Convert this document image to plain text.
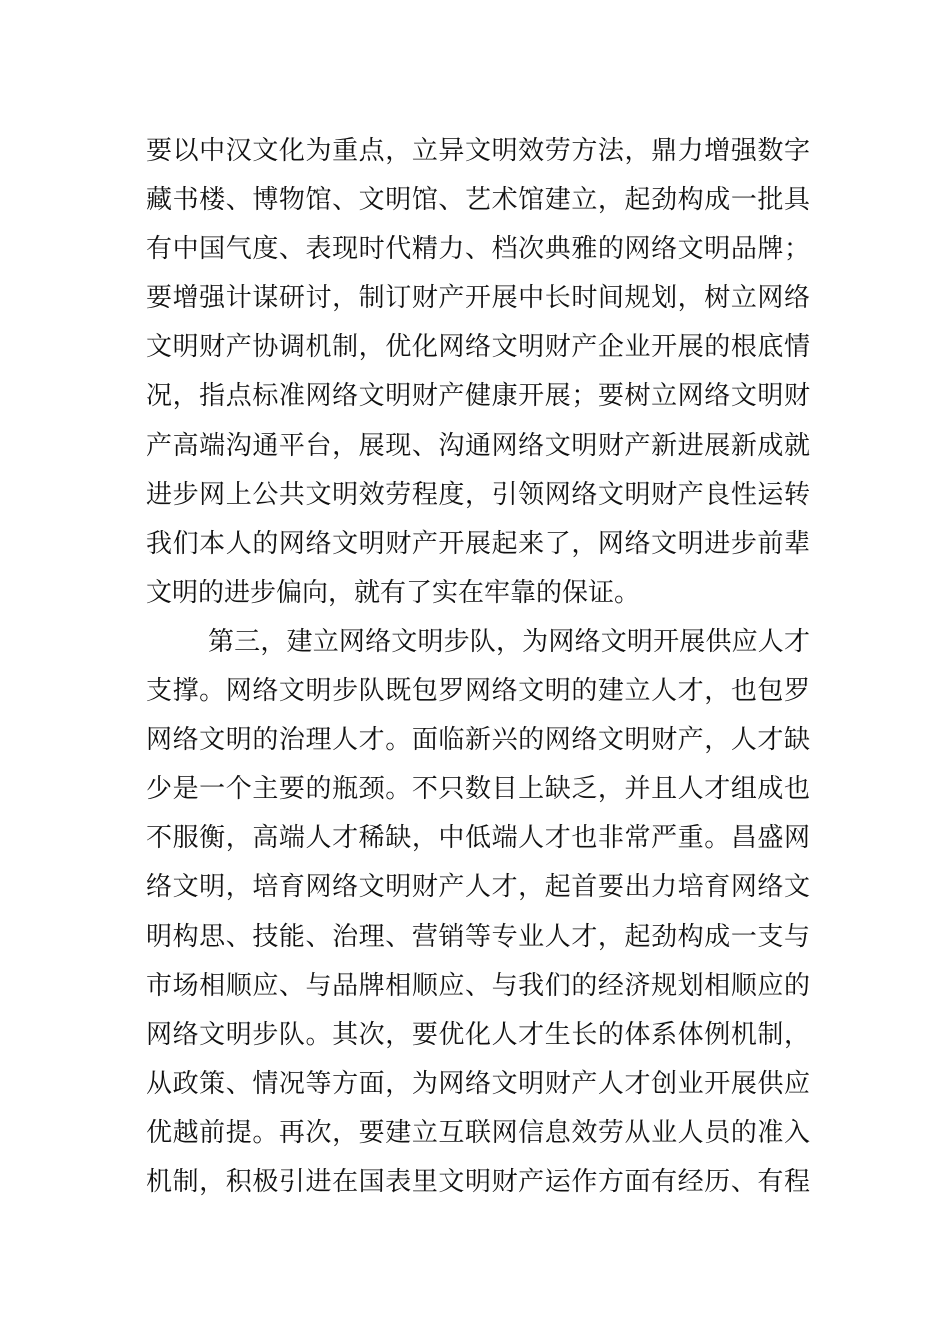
要以中汉文化为重点，立异文明效劳方法，鼎力增强数字
藏书楼、博物馆、文明馆、艺术馆建立，起劲构成一批具
有中国气度、表现时代精力、档次典雅的网络文明品牌；
要增强计谋研讨，制订财产开展中长时间规划，树立网络
文明财产协调机制，优化网络文明财产企业开展的根底情
况，指点标准网络文明财产健康开展；要树立网络文明财
产高端沟通平台，展现、沟通网络文明财产新进展新成就
进步网上公共文明效劳程度，引领网络文明财产良性运转
我们本人的网络文明财产开展起来了，网络文明进步前辈
文明的进步偏向，就有了实在牢靠的保证。
第三，建立网络文明步队，为网络文明开展供应人才
支撑。网络文明步队既包罗网络文明的建立人才，也包罗
网络文明的治理人才。面临新兴的网络文明财产，人才缺
少是一个主要的瓶颈。不只数目上缺乏，并且人才组成也
不服衡，高端人才稀缺，中低端人才也非常严重。昌盛网
络文明，培育网络文明财产人才，起首要出力培育网络文
明构思、技能、治理、营销等专业人才，起劲构成一支与
市场相顺应、与品牌相顺应、与我们的经济规划相顺应的
网络文明步队。其次，要优化人才生长的体系体例机制，
从政策、情况等方面，为网络文明财产人才创业开展供应
优越前提。再次，要建立互联网信息效劳从业人员的准入
机制，积极引进在国表里文明财产运作方面有经历、有程
